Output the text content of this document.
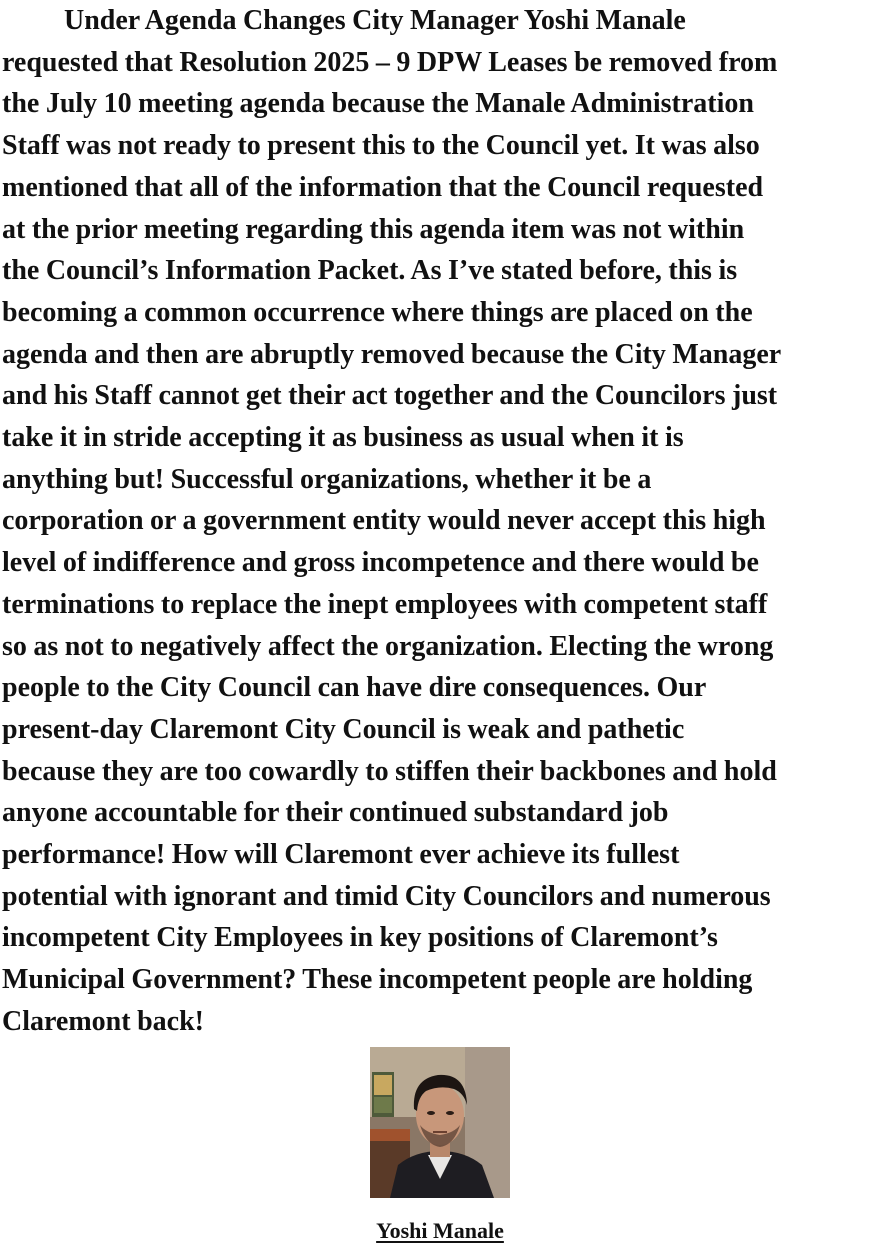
Under Agenda Changes City Manager Yoshi Manale
requested that Resolution 2025 – 9 DPW Leases be removed from
the July 10 meeting agenda because the Manale Administration
Staff was not ready to present this to the Council yet. It was also
mentioned that all of the information that the Council requested
at the prior meeting regarding this agenda item was not within
the Council’s Information Packet. As I’ve stated before, this is
becoming a common occurrence where things are placed on the
agenda and then are abruptly removed because the City Manager
and his Staff cannot get their act together and the Councilors just
take it in stride accepting it as business as usual when it is
anything but! Successful organizations, whether it be a
corporation or a government entity would never accept this high
level of indifference and gross incompetence and there would be
terminations to replace the inept employees with competent staff
so as not to negatively affect the organization. Electing the wrong
people to the City Council can have dire consequences. Our
present-day Claremont City Council is weak and pathetic
because they are too cowardly to stiffen their backbones and hold
anyone accountable for their continued substandard job
performance! How will Claremont ever achieve its fullest
potential with ignorant and timid City Councilors and numerous
incompetent City Employees in key positions of Claremont’s
Municipal Government? These incompetent people are holding
Claremont back!
Yoshi Manale
